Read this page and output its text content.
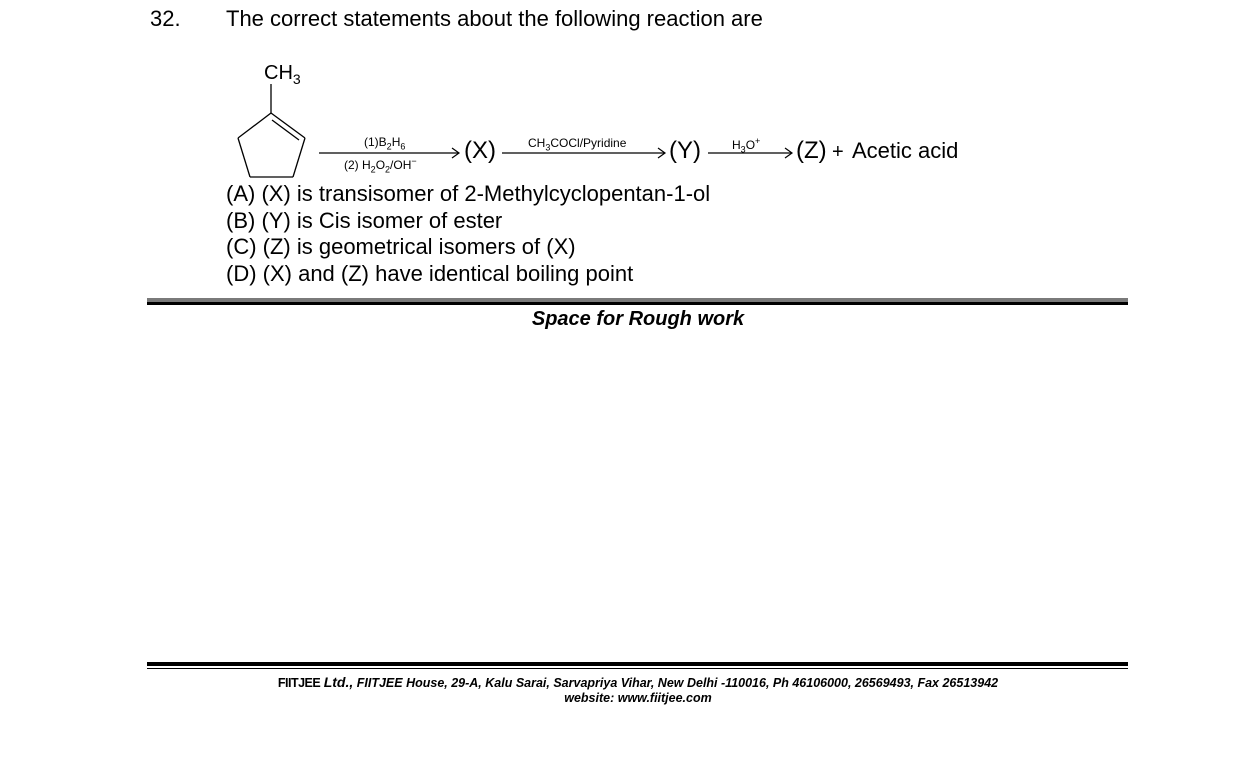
32. The correct statements about the following reaction are
$CH_3$
$(1)B_2H_6$
(2) $H_2O_2/OH^-$ (X)	$CH_3COCl$/Pyridine (Y)	$H_3O^+$ (Z) + Acetic acid
(A) (X) is transisomer of 2-Methylcyclopentan-1-ol
(B) (Y) is Cis isomer of ester
(C) (Z) is geometrical isomers of (X)
(D) (X) and (Z) have identical boiling point
Space for Rough work
FIITJEE Ltd., FIITJEE House, 29-A, Kalu Sarai, Sarvapriya Vihar, New Delhi -110016, Ph 46106000, 26569493, Fax 26513942
website: www.fiitjee.com
